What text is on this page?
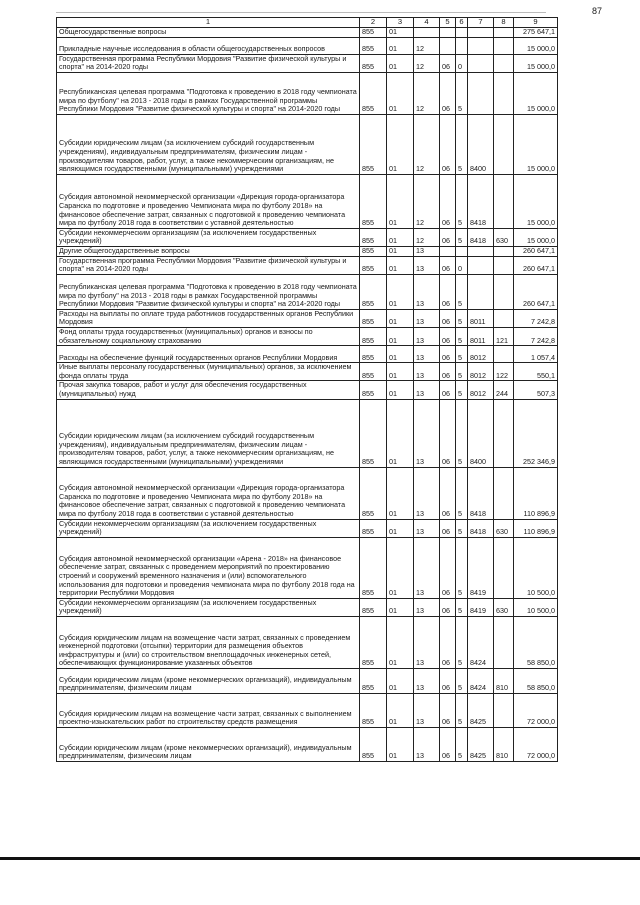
87
1	2	3	4	5	6	7	8	9
Общегосударственные вопросы	855	01						275 647,1
Прикладные научные исследования в области общегосударственных вопросов	855	01	12					15 000,0
Государственная программа Республики Мордовия "Развитие физической культуры и спорта" на 2014-2020 годы	855	01	12	06	0			15 000,0
Республиканская целевая программа "Подготовка к проведению в 2018 году чемпионата мира по футболу" на 2013 - 2018 годы в рамках Государственной программы Республики Мордовия "Развитие физической культуры и спорта" на 2014-2020 годы	855	01	12	06	5			15 000,0
Субсидии юридическим лицам (за исключением субсидий государственным учреждениям), индивидуальным предпринимателям, физическим лицам - производителям товаров, работ, услуг, а также некоммерческим организациям, не являющимся государственными (муниципальными) учреждениями	855	01	12	06	5	8400		15 000,0
Субсидия автономной некоммерческой организации «Дирекция города-организатора Саранска по подготовке и проведению Чемпионата мира по футболу 2018» на финансовое обеспечение затрат, связанных с подготовкой к проведению чемпионата мира по футболу 2018 года в соответствии с уставной деятельностью	855	01	12	06	5	8418		15 000,0
Субсидии некоммерческим организациям (за исключением государственных учреждений)	855	01	12	06	5	8418	630	15 000,0
Другие общегосударственные вопросы	855	01	13					260 647,1
Государственная программа Республики Мордовия "Развитие физической культуры и спорта" на 2014-2020 годы	855	01	13	06	0			260 647,1
Республиканская целевая программа "Подготовка к проведению в 2018 году чемпионата мира по футболу" на 2013 - 2018 годы в рамках Государственной программы Республики Мордовия "Развитие физической культуры и спорта" на 2014-2020 годы	855	01	13	06	5			260 647,1
Расходы на выплаты по оплате труда работников государственных органов Республики Мордовия	855	01	13	06	5	8011		7 242,8
Фонд оплаты труда государственных (муниципальных) органов и взносы по обязательному социальному страхованию	855	01	13	06	5	8011	121	7 242,8
Расходы на обеспечение функций государственных органов Республики Мордовия	855	01	13	06	5	8012		1 057,4
Иные выплаты персоналу государственных (муниципальных) органов, за исключением фонда оплаты труда	855	01	13	06	5	8012	122	550,1
Прочая закупка товаров, работ и услуг для обеспечения государственных (муниципальных) нужд	855	01	13	06	5	8012	244	507,3
Субсидии юридическим лицам (за исключением субсидий государственным учреждениям), индивидуальным предпринимателям, физическим лицам - производителям товаров, работ, услуг, а также некоммерческим организациям, не являющимся государственными (муниципальными) учреждениями	855	01	13	06	5	8400		252 346,9
Субсидия автономной некоммерческой организации «Дирекция города-организатора Саранска по подготовке и проведению Чемпионата мира по футболу 2018» на финансовое обеспечение затрат, связанных с подготовкой к проведению чемпионата мира по футболу 2018 года в соответствии с уставной деятельностью	855	01	13	06	5	8418		110 896,9
Субсидии некоммерческим организациям (за исключением государственных учреждений)	855	01	13	06	5	8418	630	110 896,9
Субсидия автономной некоммерческой организации «Арена - 2018» на финансовое обеспечение затрат, связанных с проведением мероприятий по проектированию строений и сооружений временного назначения и (или) вспомогательного использования для подготовки и проведения чемпионата мира по футболу 2018 года на территории Республики Мордовия	855	01	13	06	5	8419		10 500,0
Субсидии некоммерческим организациям (за исключением государственных учреждений)	855	01	13	06	5	8419	630	10 500,0
Субсидия юридическим лицам на возмещение части затрат, связанных с проведением инженерной подготовки (отсыпки) территории для размещения объектов инфраструктуры и (или) со строительством внеплощадочных инженерных сетей, обеспечивающих функционирование указанных объектов	855	01	13	06	5	8424		58 850,0
Субсидии юридическим лицам (кроме некоммерческих организаций), индивидуальным предпринимателям, физическим лицам	855	01	13	06	5	8424	810	58 850,0
Субсидия юридическим лицам на возмещение части затрат, связанных с выполнением проектно-изыскательских работ по строительству средств размещения	855	01	13	06	5	8425		72 000,0
Субсидии юридическим лицам (кроме некоммерческих организаций), индивидуальным предпринимателям, физическим лицам	855	01	13	06	5	8425	810	72 000,0
